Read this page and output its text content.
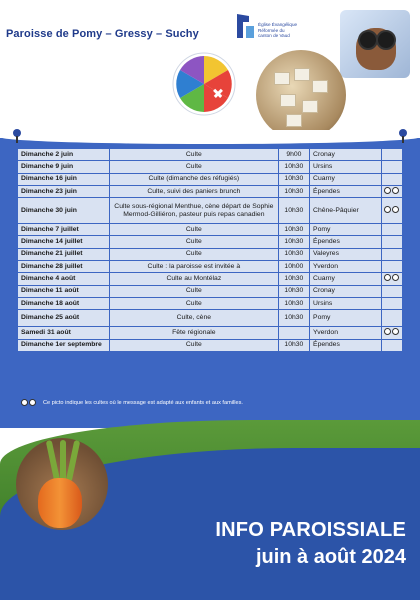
Paroisse de Pomy – Gressy – Suchy
Église Évangélique Réformée du canton de Vaud
Dimanche 2 juin	Culte	9h00	Cronay	
Dimanche 9 juin	Culte	10h30	Ursins	
Dimanche 16 juin	Culte (dimanche des réfugiés)	10h30	Cuarny	
Dimanche 23 juin	Culte, suivi des paniers brunch	10h30	Épendes	

Dimanche 30 juin	Culte sous-régional Menthue, cène départ de Sophie Mermod-Gilliéron, pasteur puis repas canadien	10h30	Chêne-Pâquier	

Dimanche 7 juillet	Culte	10h30	Pomy	
Dimanche 14 juillet	Culte	10h30	Épendes	
Dimanche 21 juillet	Culte	10h30	Valeyres	
Dimanche 28 juillet	Culte : la paroisse est invitée à	10h00	Yverdon	
Dimanche 4 août	Culte au Montélaz	10h30	Cuarny	

Dimanche 11 août	Culte	10h30	Cronay	
Dimanche 18 août	Culte	10h30	Ursins	
Dimanche 25 août	Culte, cène	10h30	Pomy	
Samedi 31 août	Fête régionale		Yverdon	

Dimanche 1er septembre	Culte	10h30	Épendes	
Ce picto indique les cultes où le message est adapté aux enfants et aux familles.
INFO PAROISSIALE
juin à août 2024
